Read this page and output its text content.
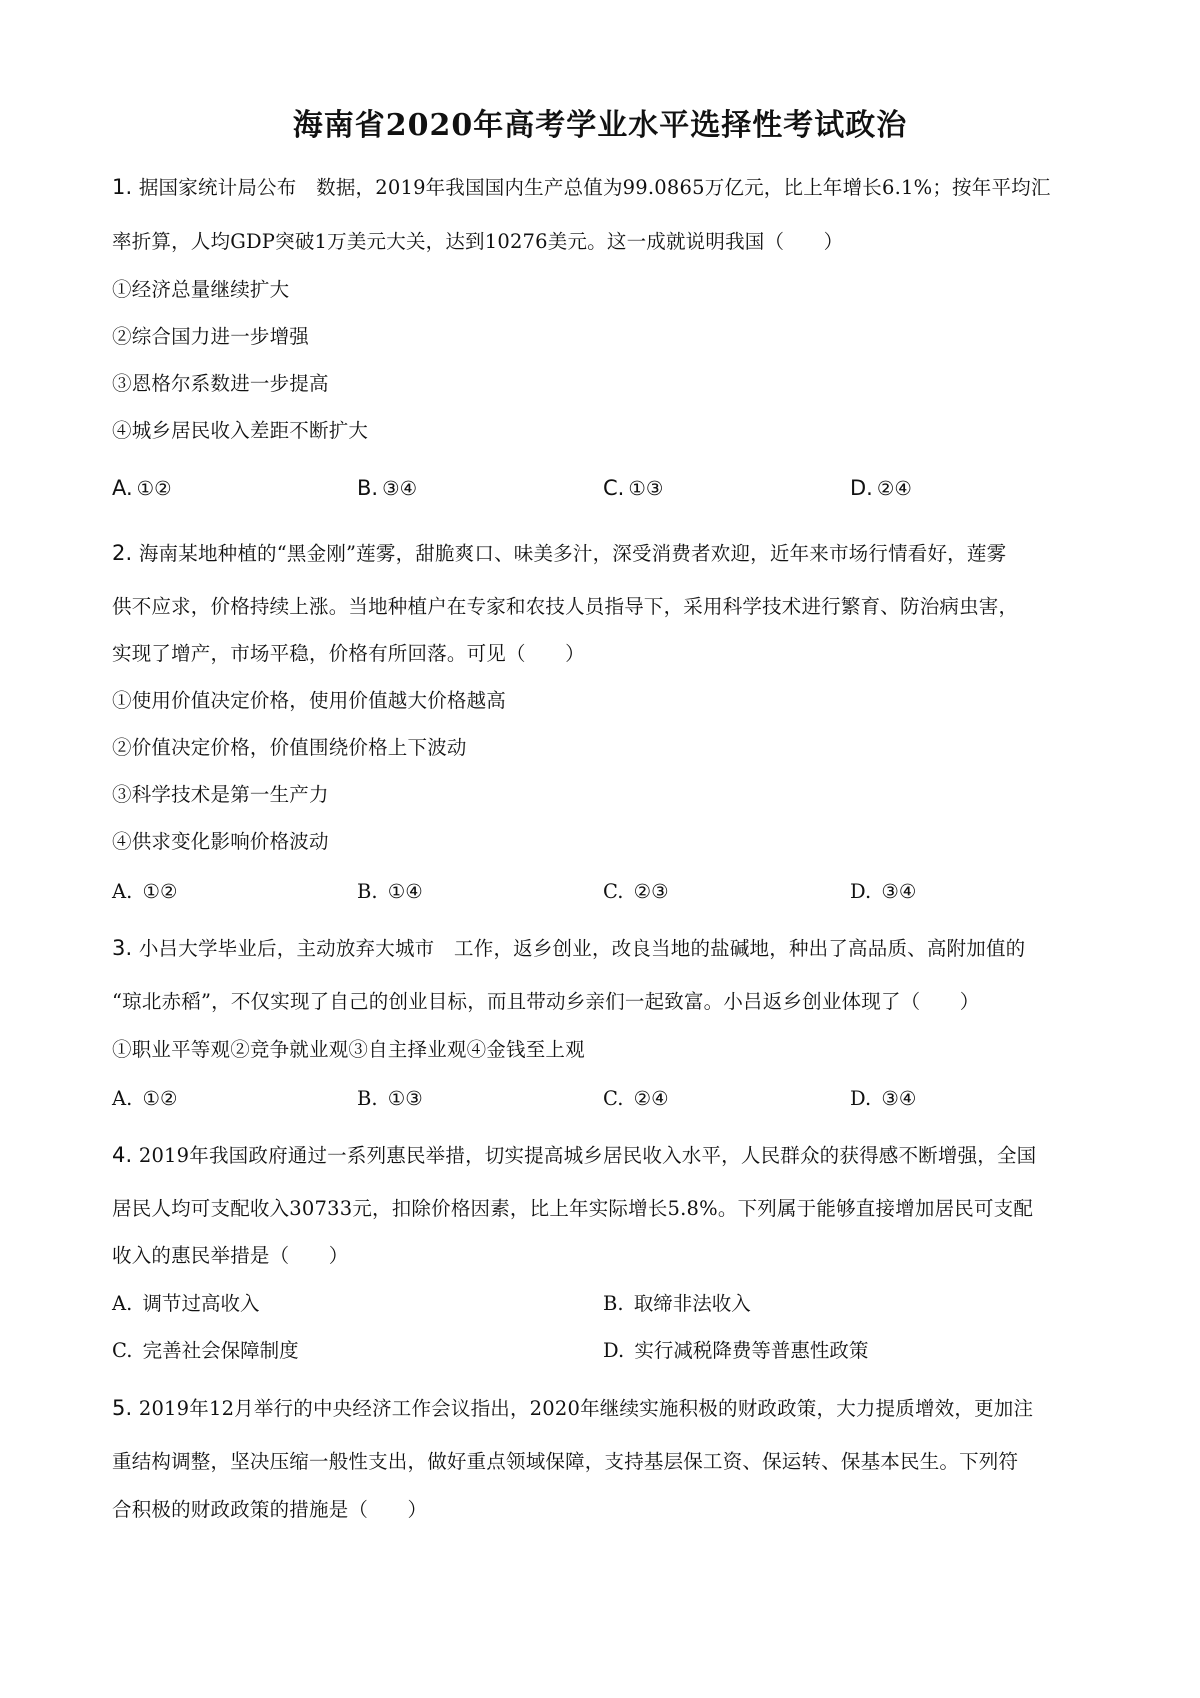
海南省2020年高考学业水平选择性考试政治
1. 据国家统计局公布　数据，2019年我国国内生产总值为99.0865万亿元，比上年增长6.1%；按年平均汇
率折算，人均GDP突破1万美元大关，达到10276美元。这一成就说明我国（　　）
①经济总量继续扩大
②综合国力进一步增强
③恩格尔系数进一步提高
④城乡居民收入差距不断扩大
A. ①②	B. ③④	C. ①③	D. ②④
2. 海南某地种植的“黑金刚”莲雾，甜脆爽口、味美多汁，深受消费者欢迎，近年来市场行情看好，莲雾
供不应求，价格持续上涨。当地种植户在专家和农技人员指导下，采用科学技术进行繁育、防治病虫害，
实现了增产，市场平稳，价格有所回落。可见（　　）
①使用价值决定价格，使用价值越大价格越高
②价值决定价格，价值围绕价格上下波动
③科学技术是第一生产力
④供求变化影响价格波动
A. ①②	B. ①④	C. ②③	D. ③④
3. 小吕大学毕业后，主动放弃大城市　工作，返乡创业，改良当地的盐碱地，种出了高品质、高附加值的
“琼北赤稻”，不仅实现了自己的创业目标，而且带动乡亲们一起致富。小吕返乡创业体现了（　　）
①职业平等观②竞争就业观③自主择业观④金钱至上观
A. ①②	B. ①③	C. ②④	D. ③④
4. 2019年我国政府通过一系列惠民举措，切实提高城乡居民收入水平，人民群众的获得感不断增强，全国
居民人均可支配收入30733元，扣除价格因素，比上年实际增长5.8%。下列属于能够直接增加居民可支配
收入的惠民举措是（　　）
A. 调节过高收入	B. 取缔非法收入
C. 完善社会保障制度	D. 实行减税降费等普惠性政策
5. 2019年12月举行的中央经济工作会议指出，2020年继续实施积极的财政政策，大力提质增效，更加注
重结构调整，坚决压缩一般性支出，做好重点领域保障，支持基层保工资、保运转、保基本民生。下列符
合积极的财政政策的措施是（　　）
